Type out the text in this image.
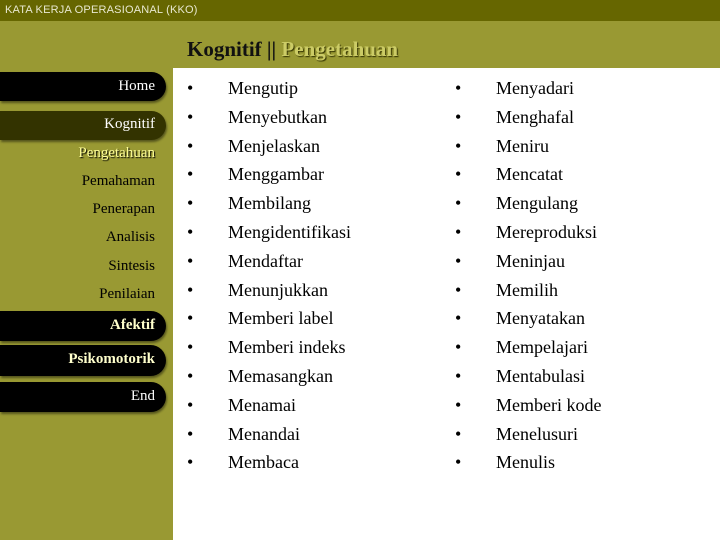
KATA KERJA OPERASIOANAL (KKO)
Home
Kognitif
Pengetahuan
Pemahaman
Penerapan
Analisis
Sintesis
Penilaian
Afektif
Psikomotorik
End
Kognitif || Pengetahuan
• Mengutip
• Menyebutkan
• Menjelaskan
• Menggambar
• Membilang
• Mengidentifikasi
• Mendaftar
• Menunjukkan
• Memberi label
• Memberi indeks
• Memasangkan
• Menamai
• Menandai
• Membaca
• Menyadari
• Menghafal
• Meniru
• Mencatat
• Mengulang
• Mereproduksi
• Meninjau
• Memilih
• Menyatakan
• Mempelajari
• Mentabulasi
• Memberi kode
• Menelusuri
• Menulis
